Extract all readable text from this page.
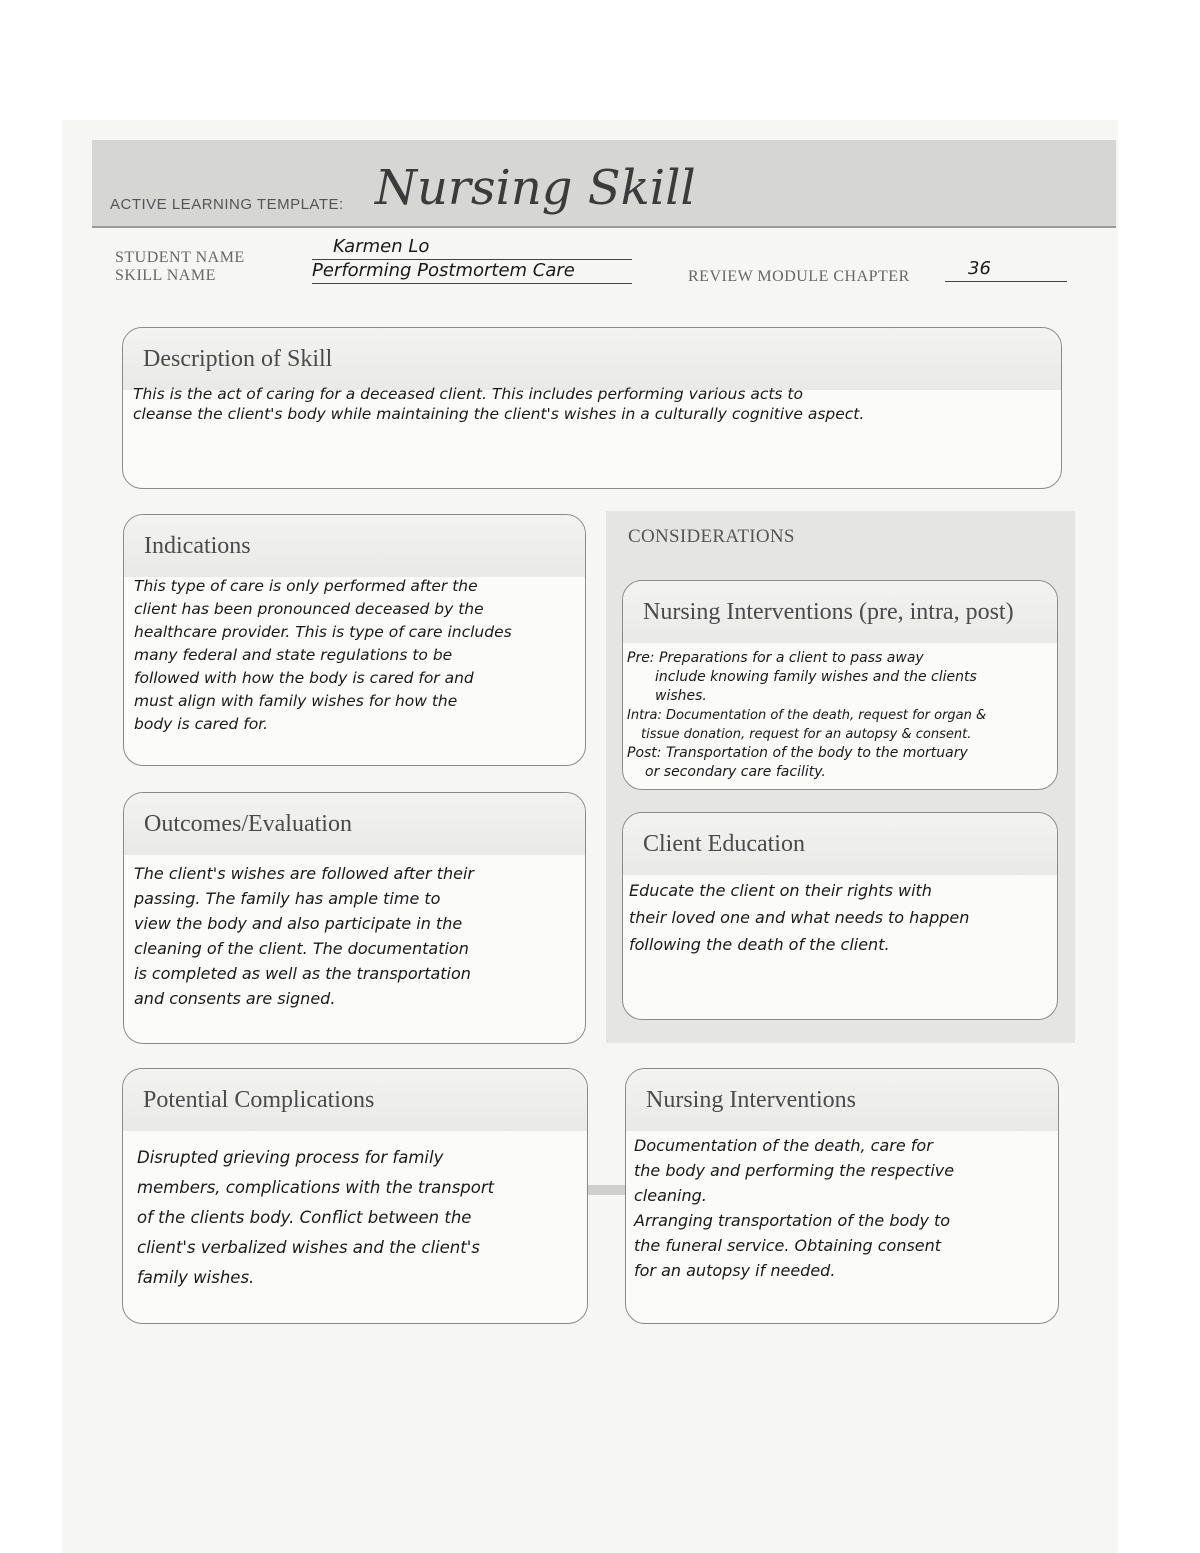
ACTIVE LEARNING TEMPLATE: Nursing Skill
STUDENT NAME
Karmen Lo
SKILL NAME	Performing Postmortem Care	REVIEW MODULE CHAPTER	36
Description of Skill
This is the act of caring for a deceased client. This includes performing various acts to
cleanse the client's body while maintaining the client's wishes in a culturally cognitive aspect.
CONSIDERATIONS
Indications
This type of care is only performed after the
client has been pronounced deceased by the
healthcare provider. This is type of care includes
many federal and state regulations to be
followed with how the body is cared for and
must align with family wishes for how the
body is cared for.
Nursing Interventions (pre, intra, post)
Pre: Preparations for a client to pass away
include knowing family wishes and the clients
wishes.
Intra: Documentation of the death, request for organ &
tissue donation, request for an autopsy & consent.
Post: Transportation of the body to the mortuary
or secondary care facility.
Outcomes/Evaluation
The client's wishes are followed after their
passing. The family has ample time to
view the body and also participate in the
cleaning of the client. The documentation
is completed as well as the transportation
and consents are signed.
Client Education
Educate the client on their rights with
their loved one and what needs to happen
following the death of the client.
Potential Complications
Disrupted grieving process for family
members, complications with the transport
of the clients body. Conflict between the
client's verbalized wishes and the client's
family wishes.
Nursing Interventions
Documentation of the death, care for
the body and performing the respective
cleaning.
Arranging transportation of the body to
the funeral service. Obtaining consent
for an autopsy if needed.
